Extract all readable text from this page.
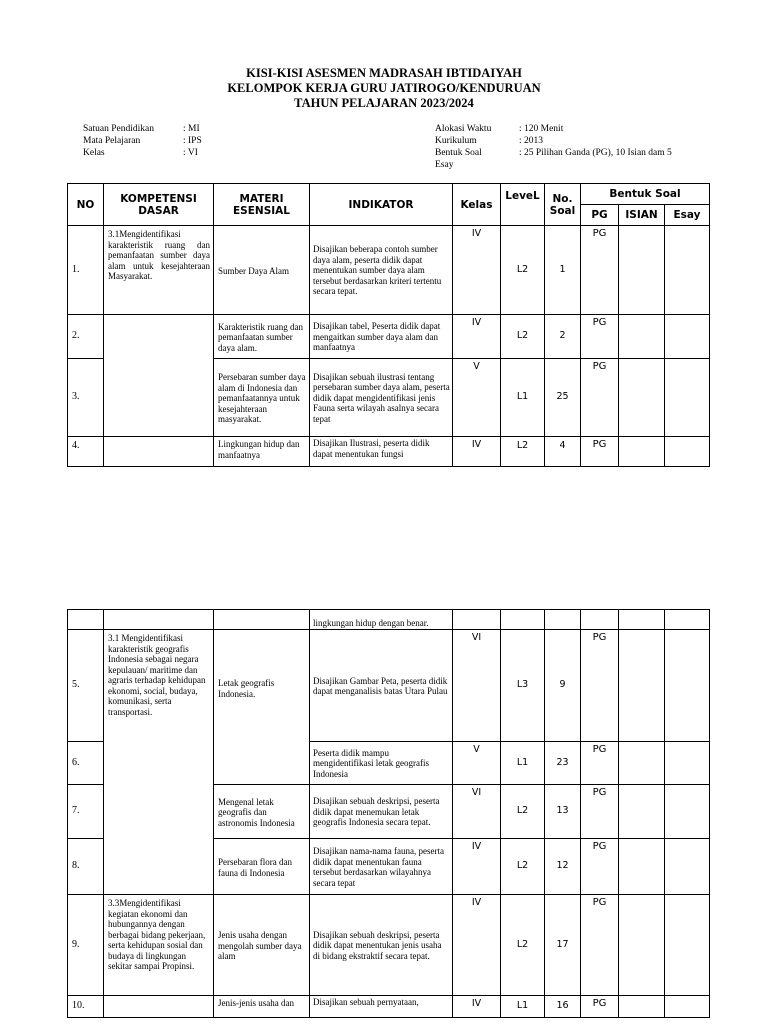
KISI-KISI ASESMEN MADRASAH IBTIDAIYAH
KELOMPOK KERJA GURU JATIROGO/KENDURUAN
TAHUN PELAJARAN 2023/2024
Satuan Pendidikan	: MI
Mata Pelajaran	: IPS
Kelas	: VI
Alokasi Waktu	: 120 Menit
Kurikulum	: 2013
Bentuk Soal	: 25 Pilihan Ganda (PG), 10 Isian dam 5
Esay
NO	KOMPETENSI DASAR	MATERI ESENSIAL	INDIKATOR	Kelas	LeveL	No. Soal	Bentuk Soal		
							PG	ISIAN	Esay
1.	3.1Mengidentifikasi karakteristik ruang dan pemanfaatan sumber daya alam untuk kesejahteraan Masyarakat.	Sumber Daya Alam	Disajikan beberapa contoh sumber daya alam, peserta didik dapat menentukan sumber daya alam tersebut berdasarkan kriteri tertentu secara tepat.	IV	L2	1	PG		
2.		Karakteristik ruang dan pemanfaatan sumber daya alam.	Disajikan tabel, Peserta didik dapat mengaitkan sumber daya alam dan manfaatnya	IV	L2	2	PG		
3.		Persebaran sumber daya alam di Indonesia dan pemanfaatannya untuk kesejahteraan masyarakat.	Disajikan sebuah ilustrasi tentang persebaran sumber daya alam, peserta didik dapat mengidentifikasi jenis Fauna serta wilayah asalnya secara tepat	V	L1	25	PG		
4.		Lingkungan hidup dan manfaatnya	Disajikan Ilustrasi, peserta didik dapat menentukan fungsi	IV	L2	4	PG		
			lingkungan hidup dengan benar.						
5.	3.1 Mengidentifikasi karakteristik geografis Indonesia sebagai negara kepulauan/ maritime dan agraris terhadap kehidupan ekonomi, social, budaya, komunikasi, serta transportasi.	Letak geografis Indonesia.	Disajikan Gambar Peta, peserta didik dapat menganalisis batas Utara Pulau	VI	L3	9	PG		
6.			Peserta didik mampu mengidentifikasi letak geografis Indonesia	V	L1	23	PG		
7.		Mengenal letak geografis dan astronomis Indonesia	Disajikan sebuah deskripsi, peserta didik dapat menemukan letak geografis Indonesia secara tepat.	VI	L2	13	PG		
8.		Persebaran flora dan fauna di Indonesia	Disajikan nama-nama fauna, peserta didik dapat menentukan fauna tersebut berdasarkan wilayahnya secara tepat	IV	L2	12	PG		
9.	3.3Mengidentifikasi kegiatan ekonomi dan hubungannya dengan berbagai bidang pekerjaan, serta kehidupan sosial dan budaya di lingkungan sekitar sampai Propinsi.	Jenis usaha dengan mengolah sumber daya alam	Disajikan sebuah deskripsi, peserta didik dapat menentukan jenis usaha di bidang ekstraktif secara tepat.	IV	L2	17	PG		
10.		Jenis-jenis usaha dan	Disajikan sebuah pernyataan,	IV	L1	16	PG		
